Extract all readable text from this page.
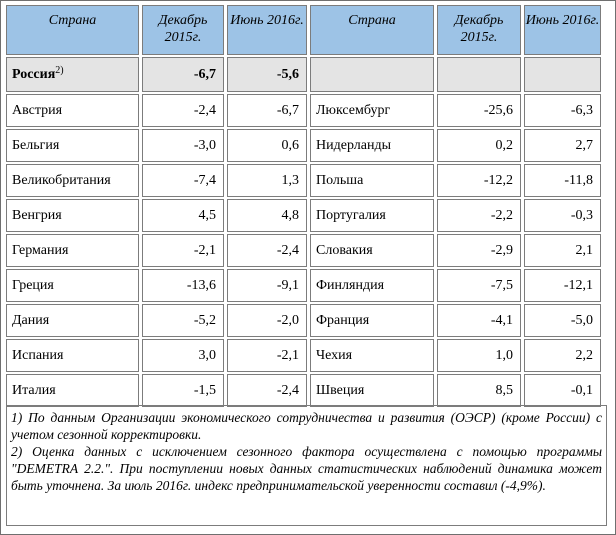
Страна	Декабрь 2015г.	Июнь 2016г.	Страна	Декабрь 2015г.	Июнь 2016г.
Россия$^{2)}$	-6,7	-5,6			
Австрия	-2,4	-6,7	Люксембург	-25,6	-6,3
Бельгия	-3,0	0,6	Нидерланды	0,2	2,7
Великобритания	-7,4	1,3	Польша	-12,2	-11,8
Венгрия	4,5	4,8	Португалия	-2,2	-0,3
Германия	-2,1	-2,4	Словакия	-2,9	2,1
Греция	-13,6	-9,1	Финляндия	-7,5	-12,1
Дания	-5,2	-2,0	Франция	-4,1	-5,0
Испания	3,0	-2,1	Чехия	1,0	2,2
Италия	-1,5	-2,4	Швеция	8,5	-0,1

1) По данным Организации экономического сотрудничества и развития (ОЭСР) (кроме России) с учетом сезонной корректировки.

2) Оценка данных с исключением сезонного фактора осуществлена с помощью программы "DEMETRA 2.2.". При поступлении новых данных статистических наблюдений динамика может быть уточнена. За июль 2016г. индекс предпринимательской уверенности составил (-4,9%).
